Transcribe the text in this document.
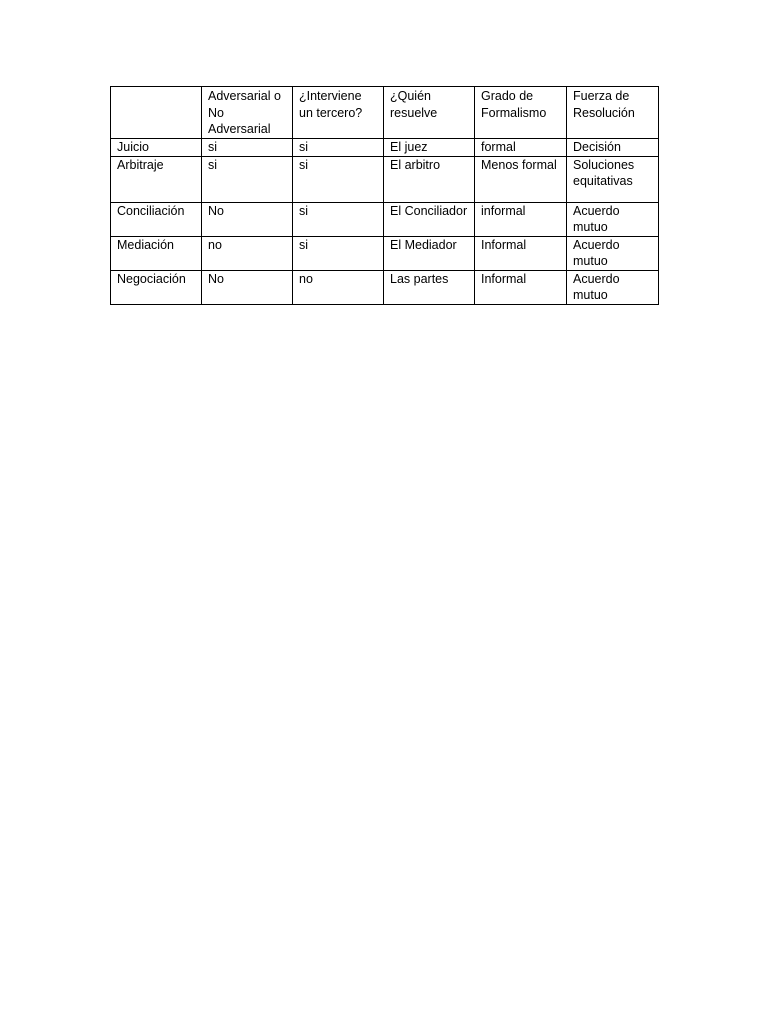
	Adversarial o No Adversarial	¿Interviene un tercero?	¿Quién resuelve	Grado de Formalismo	Fuerza de Resolución
Juicio	si	si	El juez	formal	Decisión
Arbitraje	si	si	El arbitro	Menos formal	Soluciones equitativas
Conciliación	No	si	El Conciliador	informal	Acuerdo mutuo
Mediación	no	si	El Mediador	Informal	Acuerdo mutuo
Negociación	No	no	Las partes	Informal	Acuerdo mutuo
